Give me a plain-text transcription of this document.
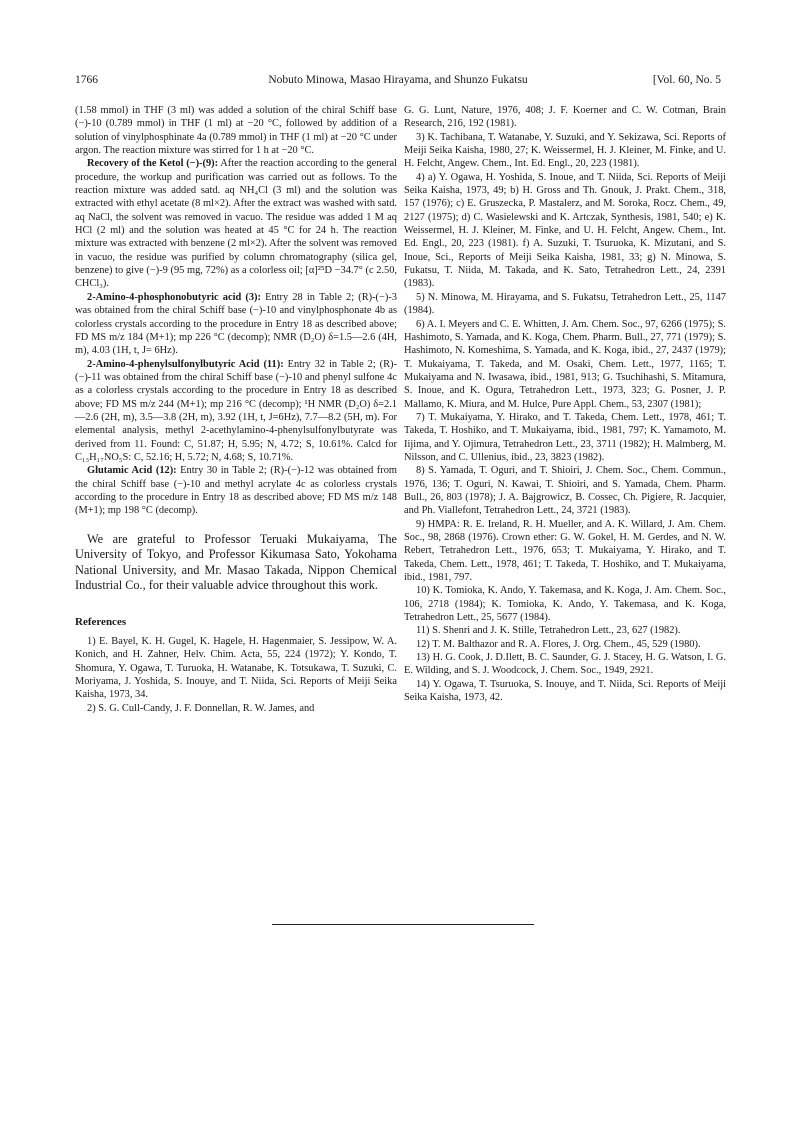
1766	Nobuto Minowa, Masao Hirayama, and Shunzo Fukatsu	[Vol. 60, No. 5

(1.58 mmol) in THF (3 ml) was added a solution of the chiral Schiff base (−)-10 (0.789 mmol) in THF (1 ml) at −20 °C, followed by addition of a solution of vinylphosphinate 4a (0.789 mmol) in THF (1 ml) at −20 °C under argon. The reaction mixture was stirred for 1 h at −20 °C.

Recovery of the Ketol (−)-(9): After the reaction according to the general procedure, the workup and purification was carried out as follows. To the reaction mixture was added satd. aq NH₄Cl (3 ml) and the solution was extracted with ethyl acetate (8 ml×2). After the extract was washed with satd. aq NaCl, the solvent was removed in vacuo. The residue was added 1 M aq HCl (2 ml) and the solution was heated at 45 °C for 24 h. The reaction mixture was extracted with benzene (2 ml×2). After the solvent was removed in vacuo, the residue was purified by column chromatography (silica gel, benzene) to give (−)-9 (95 mg, 72%) as a colorless oil; [α]²⁵D −34.7° (c 2.50, CHCl₃).

2-Amino-4-phosphonobutyric acid (3): Entry 28 in Table 2; (R)-(−)-3 was obtained from the chiral Schiff base (−)-10 and vinylphosphonate 4b as colorless crystals according to the procedure in Entry 18 as described above; FD MS m/z 184 (M+1); mp 226 °C (decomp); NMR (D₂O) δ=1.5—2.6 (4H, m), 4.03 (1H, t, J= 6Hz).

2-Amino-4-phenylsulfonylbutyric Acid (11): Entry 32 in Table 2; (R)-(−)-11 was obtained from the chiral Schiff base (−)-10 and phenyl sulfone 4c as a colorless crystals according to the procedure in Entry 18 as described above; FD MS m/z 244 (M+1); mp 216 °C (decomp); ¹H NMR (D₂O) δ=2.1—2.6 (2H, m), 3.5—3.8 (2H, m), 3.92 (1H, t, J=6Hz), 7.7—8.2 (5H, m). For elemental analysis, methyl 2-acethylamino-4-phenylsulfonylbutyrate was derived from 11. Found: C, 51.87; H, 5.95; N, 4.72; S, 10.61%. Calcd for C₁₃H₁₇NO₅S: C, 52.16; H, 5.72; N, 4.68; S, 10.71%.

Glutamic Acid (12): Entry 30 in Table 2; (R)-(−)-12 was obtained from the chiral Schiff base (−)-10 and methyl acrylate 4c as colorless crystals according to the procedure in Entry 18 as described above; FD MS m/z 148 (M+1); mp 198 °C (decomp).

We are grateful to Professor Teruaki Mukaiyama, The University of Tokyo, and Professor Kikumasa Sato, Yokohama National University, and Mr. Masao Takada, Nippon Chemical Industrial Co., for their valuable advice throughout this work.

References

1) E. Bayel, K. H. Gugel, K. Hagele, H. Hagenmaier, S. Jessipow, W. A. Konich, and H. Zahner, Helv. Chim. Acta, 55, 224 (1972); Y. Kondo, T. Shomura, Y. Ogawa, T. Turuoka, H. Watanabe, K. Totsukawa, T. Suzuki, C. Moriyama, J. Yoshida, S. Inouye, and T. Niida, Sci. Reports of Meiji Seika Kaisha, 1973, 34.

2) S. G. Cull-Candy, J. F. Donnellan, R. W. James, and

G. G. Lunt, Nature, 1976, 408; J. F. Koerner and C. W. Cotman, Brain Research, 216, 192 (1981).

3) K. Tachibana, T. Watanabe, Y. Suzuki, and Y. Sekizawa, Sci. Reports of Meiji Seika Kaisha, 1980, 27; K. Weissermel, H. J. Kleiner, M. Finke, and U. H. Felcht, Angew. Chem., Int. Ed. Engl., 20, 223 (1981).

4) a) Y. Ogawa, H. Yoshida, S. Inoue, and T. Niida, Sci. Reports of Meiji Seika Kaisha, 1973, 49; b) H. Gross and Th. Gnouk, J. Prakt. Chem., 318, 157 (1976); c) E. Gruszecka, P. Mastalerz, and M. Soroka, Rocz. Chem., 49, 2127 (1975); d) C. Wasielewski and K. Artczak, Synthesis, 1981, 540; e) K. Weissermel, H. J. Kleiner, M. Finke, and U. H. Felcht, Angew. Chem., Int. Ed. Engl., 20, 223 (1981). f) A. Suzuki, T. Tsuruoka, K. Mizutani, and S. Inoue, Sci., Reports of Meiji Seika Kaisha, 1981, 33; g) N. Minowa, S. Fukatsu, T. Niida, M. Takada, and K. Sato, Tetrahedron Lett., 24, 2391 (1983).

5) N. Minowa, M. Hirayama, and S. Fukatsu, Tetrahedron Lett., 25, 1147 (1984).

6) A. I. Meyers and C. E. Whitten, J. Am. Chem. Soc., 97, 6266 (1975); S. Hashimoto, S. Yamada, and K. Koga, Chem. Pharm. Bull., 27, 771 (1979); S. Hashimoto, N. Komeshima, S. Yamada, and K. Koga, ibid., 27, 2437 (1979); T. Mukaiyama, T. Takeda, and M. Osaki, Chem. Lett., 1977, 1165; T. Mukaiyama and N. Iwasawa, ibid., 1981, 913; G. Tsuchihashi, S. Mitamura, S. Inoue, and K. Ogura, Tetrahedron Lett., 1973, 323; G. Posner, J. P. Mallamo, K. Miura, and M. Hulce, Pure Appl. Chem., 53, 2307 (1981);

7) T. Mukaiyama, Y. Hirako, and T. Takeda, Chem. Lett., 1978, 461; T. Takeda, T. Hoshiko, and T. Mukaiyama, ibid., 1981, 797; K. Yamamoto, M. Iijima, and Y. Ojimura, Tetrahedron Lett., 23, 3711 (1982); H. Malmberg, M. Nilsson, and C. Ullenius, ibid., 23, 3823 (1982).

8) S. Yamada, T. Oguri, and T. Shioiri, J. Chem. Soc., Chem. Commun., 1976, 136; T. Oguri, N. Kawai, T. Shioiri, and S. Yamada, Chem. Pharm. Bull., 26, 803 (1978); J. A. Bajgrowicz, B. Cossec, Ch. Pigiere, R. Jacquier, and Ph. Viallefont, Tetrahedron Lett., 24, 3721 (1983).

9) HMPA: R. E. Ireland, R. H. Mueller, and A. K. Willard, J. Am. Chem. Soc., 98, 2868 (1976). Crown ether: G. W. Gokel, H. M. Gerdes, and N. W. Rebert, Tetrahedron Lett., 1976, 653; T. Mukaiyama, Y. Hirako, and T. Takeda, Chem. Lett., 1978, 461; T. Takeda, T. Hoshiko, and T. Mukaiyama, ibid., 1981, 797.

10) K. Tomioka, K. Ando, Y. Takemasa, and K. Koga, J. Am. Chem. Soc., 106, 2718 (1984); K. Tomioka, K. Ando, Y. Takemasa, and K. Koga, Tetrahedron Lett., 25, 5677 (1984).

11) S. Shenri and J. K. Stille, Tetrahedron Lett., 23, 627 (1982).

12) T. M. Balthazor and R. A. Flores, J. Org. Chem., 45, 529 (1980).

13) H. G. Cook, J. D.Ilett, B. C. Saunder, G. J. Stacey, H. G. Watson, I. G. E. Wilding, and S. J. Woodcock, J. Chem. Soc., 1949, 2921.

14) Y. Ogawa, T. Tsuruoka, S. Inouye, and T. Niida, Sci. Reports of Meiji Seika Kaisha, 1973, 42.
